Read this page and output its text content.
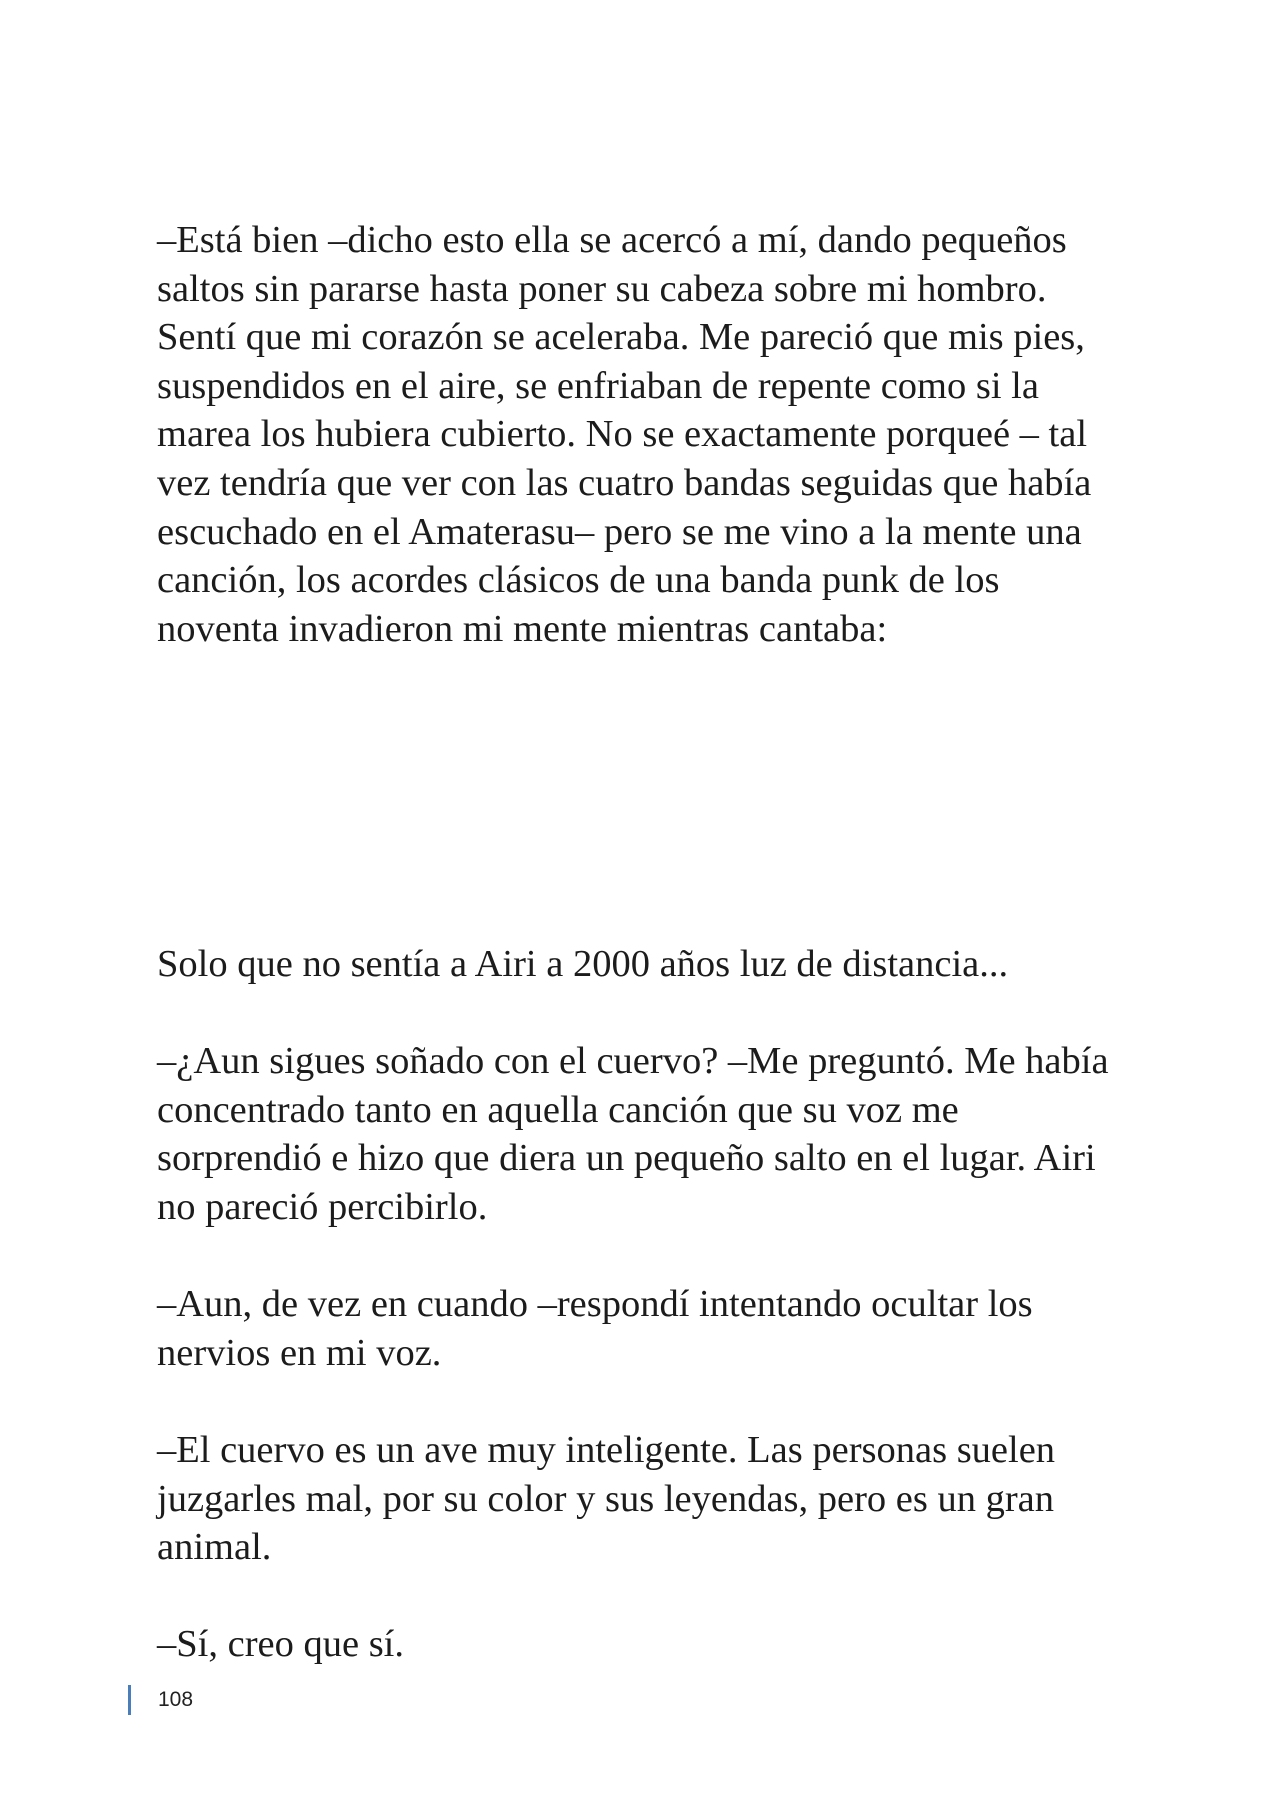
–Está bien –dicho esto ella se acercó a mí, dando pequeños
saltos sin pararse hasta poner su cabeza sobre mi hombro.
Sentí que mi corazón se aceleraba. Me pareció que mis pies,
suspendidos en el aire, se enfriaban de repente como si la
marea los hubiera cubierto. No se exactamente porqueé – tal
vez tendría que ver con las cuatro bandas seguidas que había
escuchado en el Amaterasu– pero se me vino a la mente una
canción, los acordes clásicos de una banda punk de los
noventa invadieron mi mente mientras cantaba:
Solo que no sentía a Airi a 2000 años luz de distancia...
–¿Aun sigues soñado con el cuervo? –Me preguntó. Me había
concentrado tanto en aquella canción que su voz me
sorprendió e hizo que diera un pequeño salto en el lugar. Airi
no pareció percibirlo.
–Aun, de vez en cuando –respondí intentando ocultar los
nervios en mi voz.
–El cuervo es un ave muy inteligente. Las personas suelen
juzgarles mal, por su color y sus leyendas, pero es un gran
animal.
–Sí, creo que sí.
108
